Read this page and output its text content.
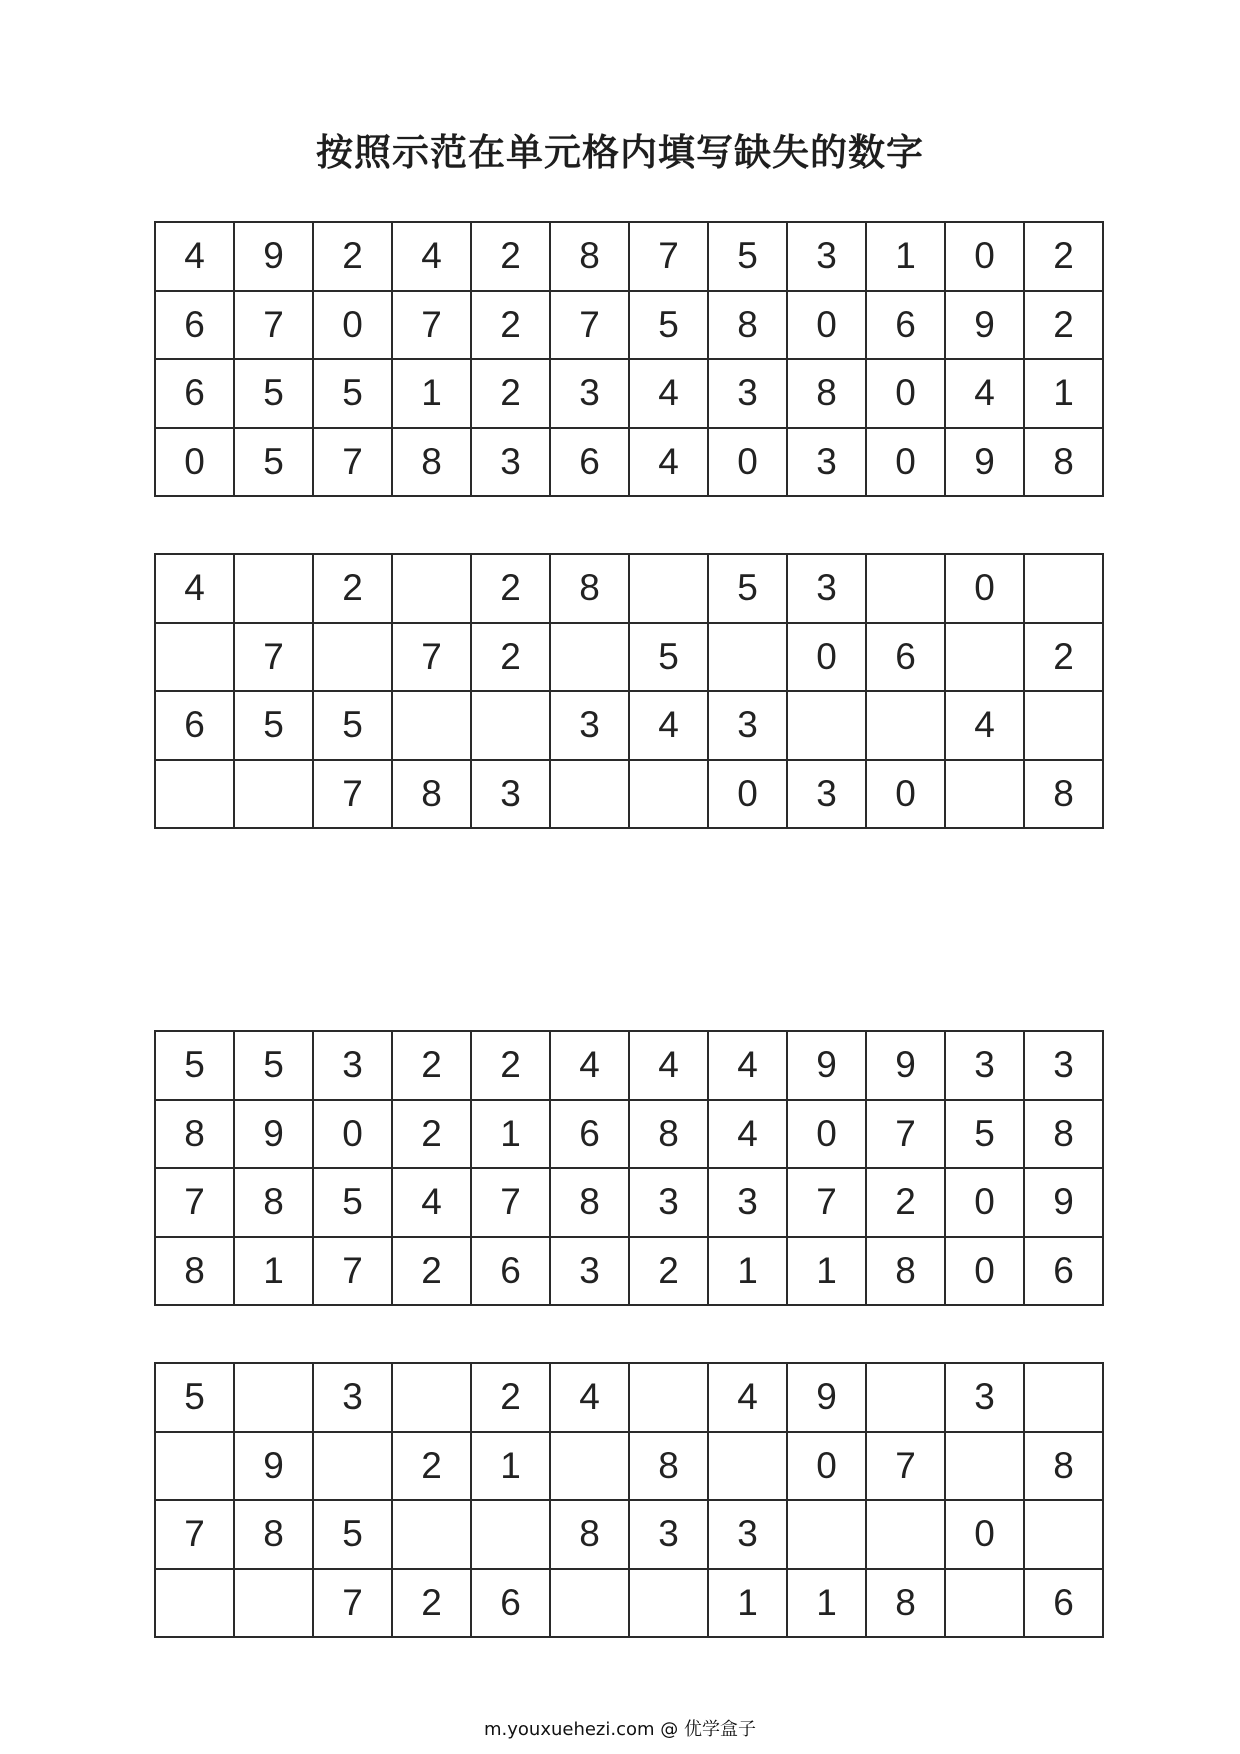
按照示范在单元格内填写缺失的数字
4	9	2	4	2	8	7	5	3	1	0	2
6	7	0	7	2	7	5	8	0	6	9	2
6	5	5	1	2	3	4	3	8	0	4	1
0	5	7	8	3	6	4	0	3	0	9	8
4		2		2	8		5	3		0	
	7		7	2		5		0	6		2
6	5	5			3	4	3			4	
		7	8	3			0	3	0		8
5	5	3	2	2	4	4	4	9	9	3	3
8	9	0	2	1	6	8	4	0	7	5	8
7	8	5	4	7	8	3	3	7	2	0	9
8	1	7	2	6	3	2	1	1	8	0	6
5		3		2	4		4	9		3	
	9		2	1		8		0	7		8
7	8	5			8	3	3			0	
		7	2	6			1	1	8		6
m.youxuehezi.com @ 优学盒子
